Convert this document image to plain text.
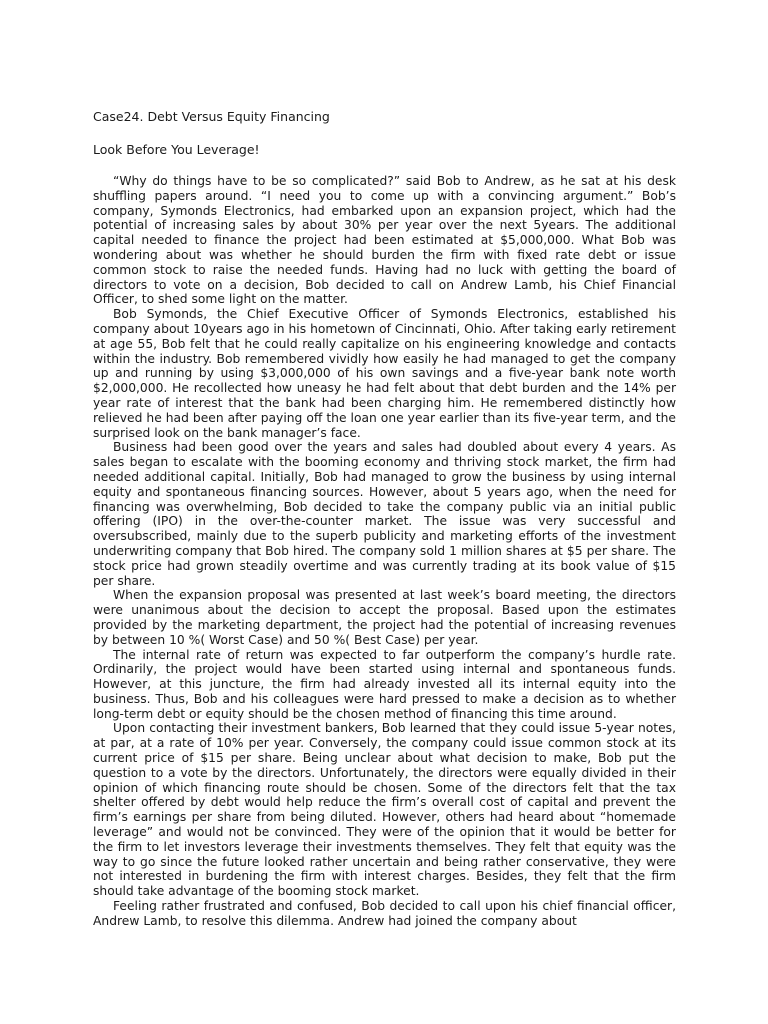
Case24. Debt Versus Equity Financing
Look Before You Leverage!

“Why do things have to be so complicated?” said Bob to Andrew, as he sat at his desk shuffling papers around. “I need you to come up with a convincing argument.” Bob’s company, Symonds Electronics, had embarked upon an expansion project, which had the potential of increasing sales by about 30% per year over the next 5years. The additional capital needed to finance the project had been estimated at $5,000,000. What Bob was wondering about was whether he should burden the firm with fixed rate debt or issue common stock to raise the needed funds. Having had no luck with getting the board of directors to vote on a decision, Bob decided to call on Andrew Lamb, his Chief Financial Officer, to shed some light on the matter.

Bob Symonds, the Chief Executive Officer of Symonds Electronics, established his company about 10years ago in his hometown of Cincinnati, Ohio. After taking early retirement at age 55, Bob felt that he could really capitalize on his engineering knowledge and contacts within the industry. Bob remembered vividly how easily he had managed to get the company up and running by using $3,000,000 of his own savings and a five-year bank note worth $2,000,000. He recollected how uneasy he had felt about that debt burden and the 14% per year rate of interest that the bank had been charging him. He remembered distinctly how relieved he had been after paying off the loan one year earlier than its five-year term, and the surprised look on the bank manager’s face.

Business had been good over the years and sales had doubled about every 4 years. As sales began to escalate with the booming economy and thriving stock market, the firm had needed additional capital. Initially, Bob had managed to grow the business by using internal equity and spontaneous financing sources. However, about 5 years ago, when the need for financing was overwhelming, Bob decided to take the company public via an initial public offering (IPO) in the over-the-counter market. The issue was very successful and oversubscribed, mainly due to the superb publicity and marketing efforts of the investment underwriting company that Bob hired. The company sold 1 million shares at $5 per share. The stock price had grown steadily overtime and was currently trading at its book value of $15 per share.

When the expansion proposal was presented at last week’s board meeting, the directors were unanimous about the decision to accept the proposal. Based upon the estimates provided by the marketing department, the project had the potential of increasing revenues by between 10 %( Worst Case) and 50 %( Best Case) per year.

The internal rate of return was expected to far outperform the company’s hurdle rate. Ordinarily, the project would have been started using internal and spontaneous funds. However, at this juncture, the firm had already invested all its internal equity into the business. Thus, Bob and his colleagues were hard pressed to make a decision as to whether long-term debt or equity should be the chosen method of financing this time around.

Upon contacting their investment bankers, Bob learned that they could issue 5-year notes, at par, at a rate of 10% per year. Conversely, the company could issue common stock at its current price of $15 per share. Being unclear about what decision to make, Bob put the question to a vote by the directors. Unfortunately, the directors were equally divided in their opinion of which financing route should be chosen. Some of the directors felt that the tax shelter offered by debt would help reduce the firm’s overall cost of capital and prevent the firm’s earnings per share from being diluted. However, others had heard about “homemade leverage” and would not be convinced. They were of the opinion that it would be better for the firm to let investors leverage their investments themselves. They felt that equity was the way to go since the future looked rather uncertain and being rather conservative, they were not interested in burdening the firm with interest charges. Besides, they felt that the firm should take advantage of the booming stock market.

Feeling rather frustrated and confused, Bob decided to call upon his chief financial officer, Andrew Lamb, to resolve this dilemma. Andrew had joined the company about
